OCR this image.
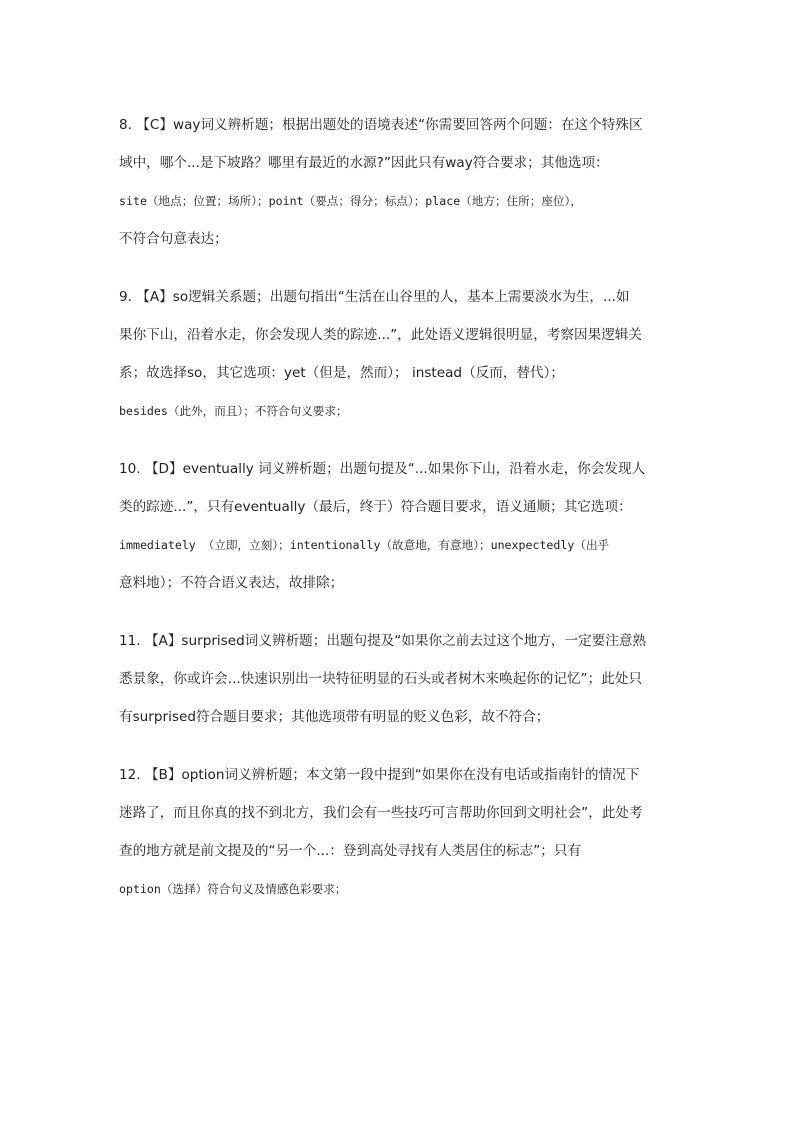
8. 【C】way词义辨析题；根据出题处的语境表述“你需要回答两个问题：在这个特殊区
域中，哪个...是下坡路？哪里有最近的水源?”因此只有way符合要求；其他选项：
site（地点；位置；场所）；point（要点；得分；标点）；place（地方；住所；座位），
不符合句意表达；
9. 【A】so逻辑关系题；出题句指出“生活在山谷里的人，基本上需要淡水为生，...如
果你下山，沿着水走，你会发现人类的踪迹...”，此处语义逻辑很明显，考察因果逻辑关
系；故选择so，其它选项：yet（但是，然而）； instead（反而，替代）；
besides（此外，而且）；不符合句义要求；
10. 【D】eventually 词义辨析题；出题句提及“...如果你下山，沿着水走，你会发现人
类的踪迹...”，只有eventually（最后，终于）符合题目要求，语义通顺；其它选项：
immediately （立即，立刻）；intentionally（故意地，有意地）；unexpectedly（出乎
意料地）；不符合语义表达，故排除；
11. 【A】surprised词义辨析题；出题句提及“如果你之前去过这个地方，一定要注意熟
悉景象，你或许会...快速识别出一块特征明显的石头或者树木来唤起你的记忆”；此处只
有surprised符合题目要求；其他选项带有明显的贬义色彩，故不符合；
12. 【B】option词义辨析题；本文第一段中提到“如果你在没有电话或指南针的情况下
迷路了，而且你真的找不到北方，我们会有一些技巧可言帮助你回到文明社会”，此处考
查的地方就是前文提及的“另一个...：登到高处寻找有人类居住的标志”；只有
option（选择）符合句义及情感色彩要求；
